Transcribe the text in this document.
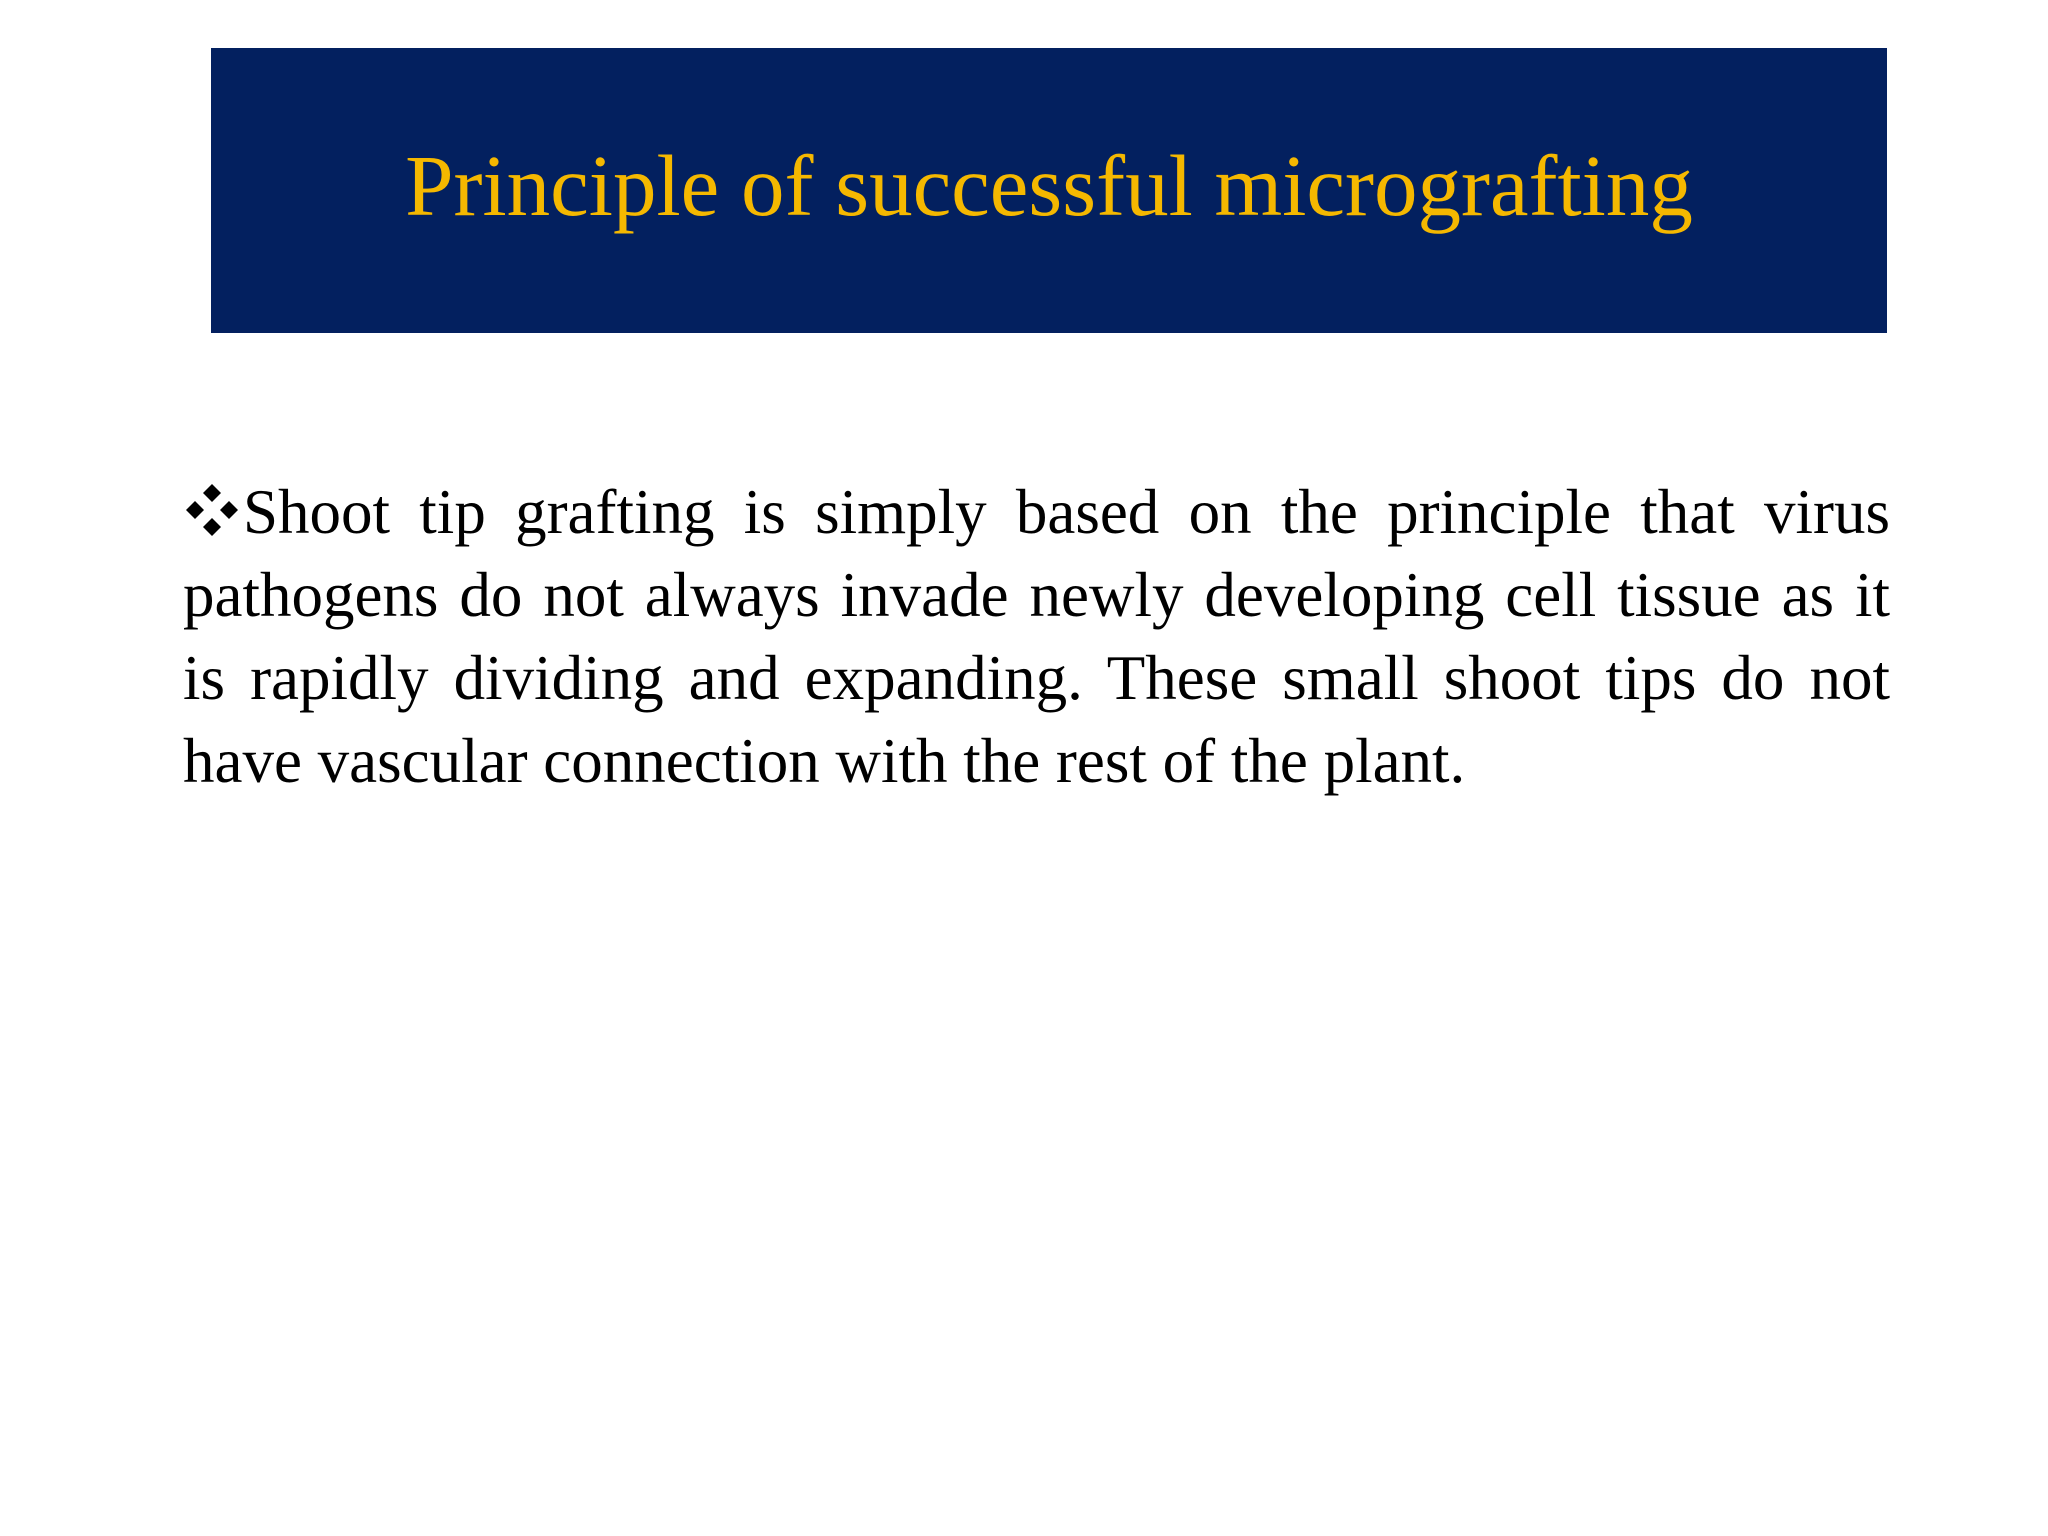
Principle of successful micrografting
Shoot tip grafting is simply based on the principle that virus pathogens do not always invade newly developing cell tissue as it is rapidly dividing and expanding. These small shoot tips do not have vascular connection with the rest of the plant.
